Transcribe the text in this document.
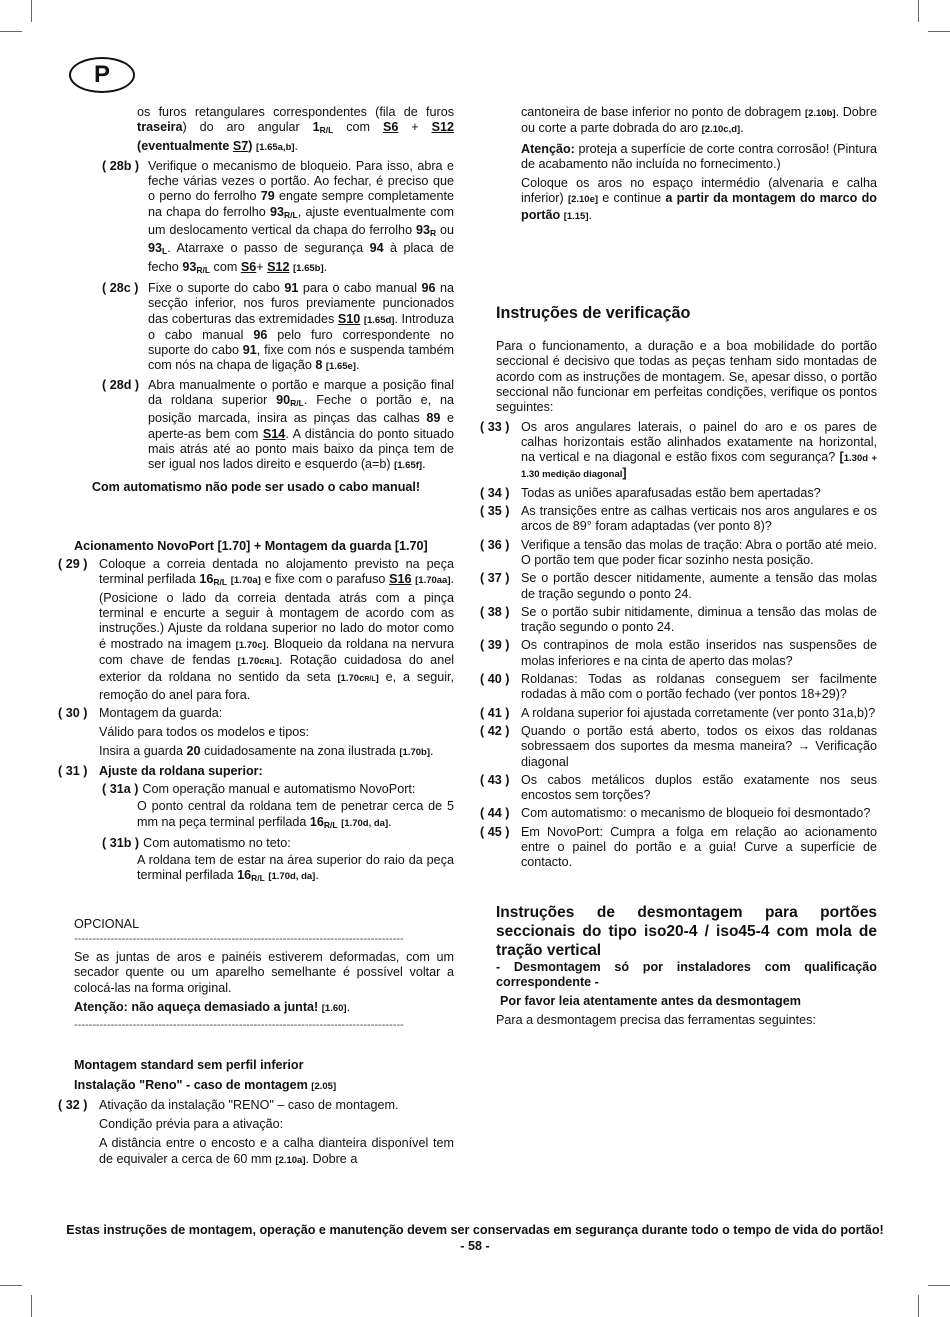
P

os furos retangulares correspondentes (fila de furos traseira) do aro angular $1_{R/L}$ com S6 + S12 (eventualmente S7) [1.65a,b].

( 28b ) Verifique o mecanismo de bloqueio. Para isso, abra e feche várias vezes o portão. Ao fechar, é preciso que o perno do ferrolho 79 engate sempre completamente na chapa do ferrolho $93_{R/L}$, ajuste eventualmente com um deslocamento vertical da chapa do ferrolho $93_R$ ou $93_L$. Atarraxe o passo de segurança 94 à placa de fecho $93_{R/L}$ com S6+ S12 [1.65b].
( 28c ) Fixe o suporte do cabo 91 para o cabo manual 96 na secção inferior, nos furos previamente puncionados das coberturas das extremidades S10 [1.65d]. Introduza o cabo manual 96 pelo furo correspondente no suporte do cabo 91, fixe com nós e suspenda também com nós na chapa de ligação 8 [1.65e].
( 28d ) Abra manualmente o portão e marque a posição final da roldana superior $90_{R/L}$. Feche o portão e, na posição marcada, insira as pinças das calhas 89 e aperte-as bem com S14. A distância do ponto situado mais atrás até ao ponto mais baixo da pinça tem de ser igual nos lados direito e esquerdo (a=b) [1.65f].

Com automatismo não pode ser usado o cabo manual!

Acionamento NovoPort [1.70] + Montagem da guarda [1.70]

( 29 ) Coloque a correia dentada no alojamento previsto na peça terminal perfilada $16_{R/L}$ [1.70a] e fixe com o parafuso S16 [1.70aa]. (Posicione o lado da correia dentada atrás com a pinça terminal e encurte a seguir à montagem de acordo com as instruções.) Ajuste da roldana superior no lado do motor como é mostrado na imagem [1.70c]. Bloqueio da roldana na nervura com chave de fendas [1.70cR/L]. Rotação cuidadosa do anel exterior da roldana no sentido da seta [1.70cR/L] e, a seguir, remoção do anel para fora.
( 30 ) Montagem da guarda:

Válido para todos os modelos e tipos:

Insira a guarda 20 cuidadosamente na zona ilustrada [1.70b].

( 31 ) Ajuste da roldana superior:
( 31a ) Com operação manual e automatismo NovoPort:

O ponto central da roldana tem de penetrar cerca de 5 mm na peça terminal perfilada $16_{R/L}$ [1.70d, da].

( 31b ) Com automatismo no teto:

A roldana tem de estar na área superior do raio da peça terminal perfilada $16_{R/L}$ [1.70d, da].

OPCIONAL

------------------------------------------------------------------------------------------

Se as juntas de aros e painéis estiverem deformadas, com um secador quente ou um aparelho semelhante é possível voltar a colocá-las na forma original.

Atenção: não aqueça demasiado a junta! [1.60].

------------------------------------------------------------------------------------------

Montagem standard sem perfil inferior

Instalação "Reno" - caso de montagem [2.05]

( 32 ) Ativação da instalação "RENO" – caso de montagem.

Condição prévia para a ativação:

A distância entre o encosto e a calha dianteira disponível tem de equivaler a cerca de 60 mm [2.10a]. Dobre a

cantoneira de base inferior no ponto de dobragem [2.10b]. Dobre ou corte a parte dobrada do aro [2.10c,d].

Atenção: proteja a superfície de corte contra corrosão! (Pintura de acabamento não incluída no fornecimento.)

Coloque os aros no espaço intermédio (alvenaria e calha inferior) [2.10e] e continue a partir da montagem do marco do portão [1.15].

Instruções de verificação

Para o funcionamento, a duração e a boa mobilidade do portão seccional é decisivo que todas as peças tenham sido montadas de acordo com as instruções de montagem. Se, apesar disso, o portão seccional não funcionar em perfeitas condições, verifique os pontos seguintes:

( 33 ) Os aros angulares laterais, o painel do aro e os pares de calhas horizontais estão alinhados exatamente na horizontal, na vertical e na diagonal e estão fixos com segurança? [1.30d + 1.30 medição diagonal]
( 34 ) Todas as uniões aparafusadas estão bem apertadas?
( 35 ) As transições entre as calhas verticais nos aros angulares e os arcos de 89° foram adaptadas (ver ponto 8)?
( 36 ) Verifique a tensão das molas de tração: Abra o portão até meio. O portão tem que poder ficar sozinho nesta posição.
( 37 ) Se o portão descer nitidamente, aumente a tensão das molas de tração segundo o ponto 24.
( 38 ) Se o portão subir nitidamente, diminua a tensão das molas de tração segundo o ponto 24.
( 39 ) Os contrapinos de mola estão inseridos nas suspensões de molas inferiores e na cinta de aperto das molas?
( 40 ) Roldanas: Todas as roldanas conseguem ser facilmente rodadas à mão com o portão fechado (ver pontos 18+29)?
( 41 ) A roldana superior foi ajustada corretamente (ver ponto 31a,b)?
( 42 ) Quando o portão está aberto, todos os eixos das roldanas sobressaem dos suportes da mesma maneira? → Verificação diagonal
( 43 ) Os cabos metálicos duplos estão exatamente nos seus encostos sem torções?
( 44 ) Com automatismo: o mecanismo de bloqueio foi desmontado?
( 45 ) Em NovoPort: Cumpra a folga em relação ao acionamento entre o painel do portão e a guia! Curve a superfície de contacto.
Instruções de desmontagem para portões seccionais do tipo iso20-4 / iso45-4 com mola de tração vertical

- Desmontagem só por instaladores com qualificação correspondente -

Por favor leia atentamente antes da desmontagem

Para a desmontagem precisa das ferramentas seguintes:

Estas instruções de montagem, operação e manutenção devem ser conservadas em segurança durante todo o tempo de vida do portão!
- 58 -
